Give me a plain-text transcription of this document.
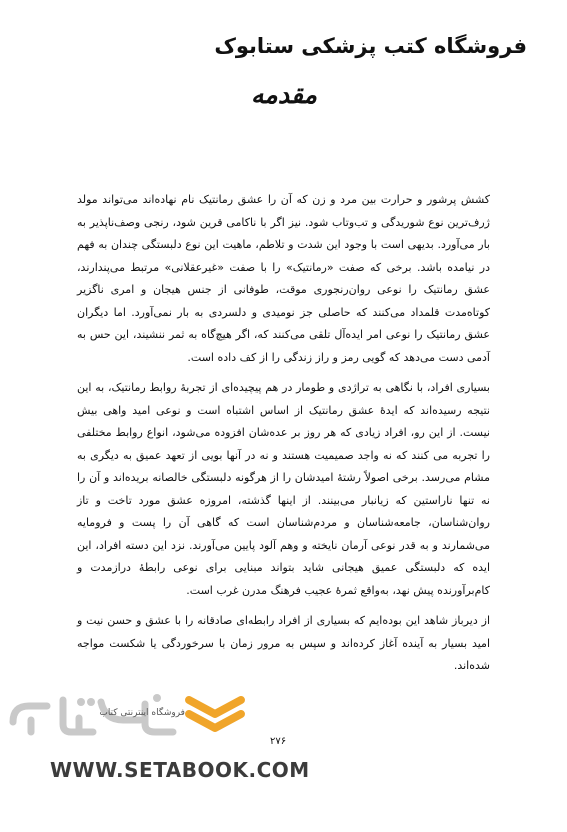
فروشگاه کتب پزشکی ستابوک
مقدمه

کشش پرشور و حرارت بین مرد و زن که آن را عشق رمانتیک نام نهاده‌اند می‌تواند مولد ژرف‌ترین نوع شوریدگی و تب‌وتاب شود. نیز اگر با ناکامی قرین شود، رنجی وصف‌ناپذیر به بار می‌آورد. بدیهی است با وجود این شدت و تلاطم، ماهیت این نوع دلبستگی چندان به فهم در نیامده باشد. برخی که صفت «رمانتیک» را با صفت «غیرعقلانی» مرتبط می‌پندارند، عشق رمانتیک را نوعی روان‌رنجوری موقت، طوفانی از جنس هیجان و امری ناگزیر کوتاه‌مدت قلمداد می‌کنند که حاصلی جز نومیدی و دلسردی به بار نمی‌آورد. اما دیگران عشق رمانتیک را نوعی امر ایده‌آل تلقی می‌کنند که، اگر هیچ‌گاه به ثمر ننشیند، این حس به آدمی دست می‌دهد که گویی رمز و راز زندگی را از کف داده است.

بسیاری افراد، با نگاهی به تراژدی و طومار در هم پیچیده‌ای از تجربهٔ روابط رمانتیک، به این نتیجه رسیده‌اند که ایدهٔ عشق رمانتیک از اساس اشتباه است و نوعی امید واهی بیش نیست. از این رو، افراد زیادی که هر روز بر عده‌شان افزوده می‌شود، انواع روابط مختلفی را تجربه می کنند که نه واجد صمیمیت هستند و نه در آنها بویی از تعهد عمیق به دیگری به مشام می‌رسد. برخی اصولاً رشتهٔ امیدشان را از هرگونه دلبستگی خالصانه بریده‌اند و آن را نه تنها ناراستین که زیانبار می‌بینند. از اینها گذشته، امروزه عشق مورد تاخت و تاز روان‌شناسان، جامعه‌شناسان و مردم‌شناسان است که گاهی آن را پست و فرومایه می‌شمارند و به قدر نوعی آرمان نایخته و وهم آلود پایین می‌آورند. نزد این دسته افراد، این ایده که دلبستگی عمیق هیجانی شاید بتواند مبنایی برای نوعی رابطهٔ درازمدت و کام‌برآورنده پیش نهد، به‌واقع ثمرهٔ عجیب فرهنگ مدرن غرب است.

از دیرباز شاهد این بوده‌ایم که بسیاری از افراد رابطه‌ای صادقانه را با عشق و حسن نیت و امید بسیار به آینده آغاز کرده‌اند و سپس به مرور زمان با سرخوردگی یا شکست مواجه شده‌اند.

۲۷۶
فروشگاه اینترنتی کتاب
WWW.SETABOOK.COM
